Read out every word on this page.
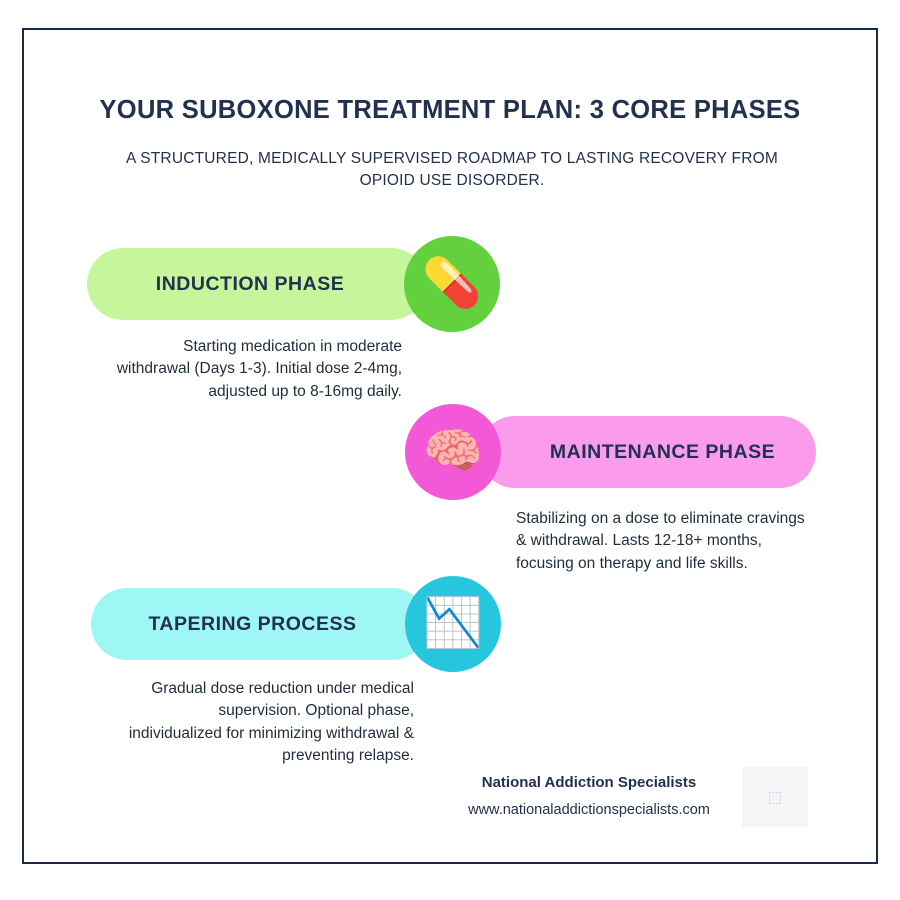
YOUR SUBOXONE TREATMENT PLAN: 3 CORE PHASES
A STRUCTURED, MEDICALLY SUPERVISED ROADMAP TO LASTING RECOVERY FROM OPIOID USE DISORDER.
INDUCTION PHASE 💊
Starting medication in moderate withdrawal (Days 1-3). Initial dose 2-4mg, adjusted up to 8-16mg daily.
MAINTENANCE PHASE
🧠
Stabilizing on a dose to eliminate cravings & withdrawal. Lasts 12-18+ months, focusing on therapy and life skills.
TAPERING PROCESS 📉
Gradual dose reduction under medical supervision. Optional phase, individualized for minimizing withdrawal & preventing relapse.
National Addiction Specialists
www.nationaladdictionspecialists.com
⬚
